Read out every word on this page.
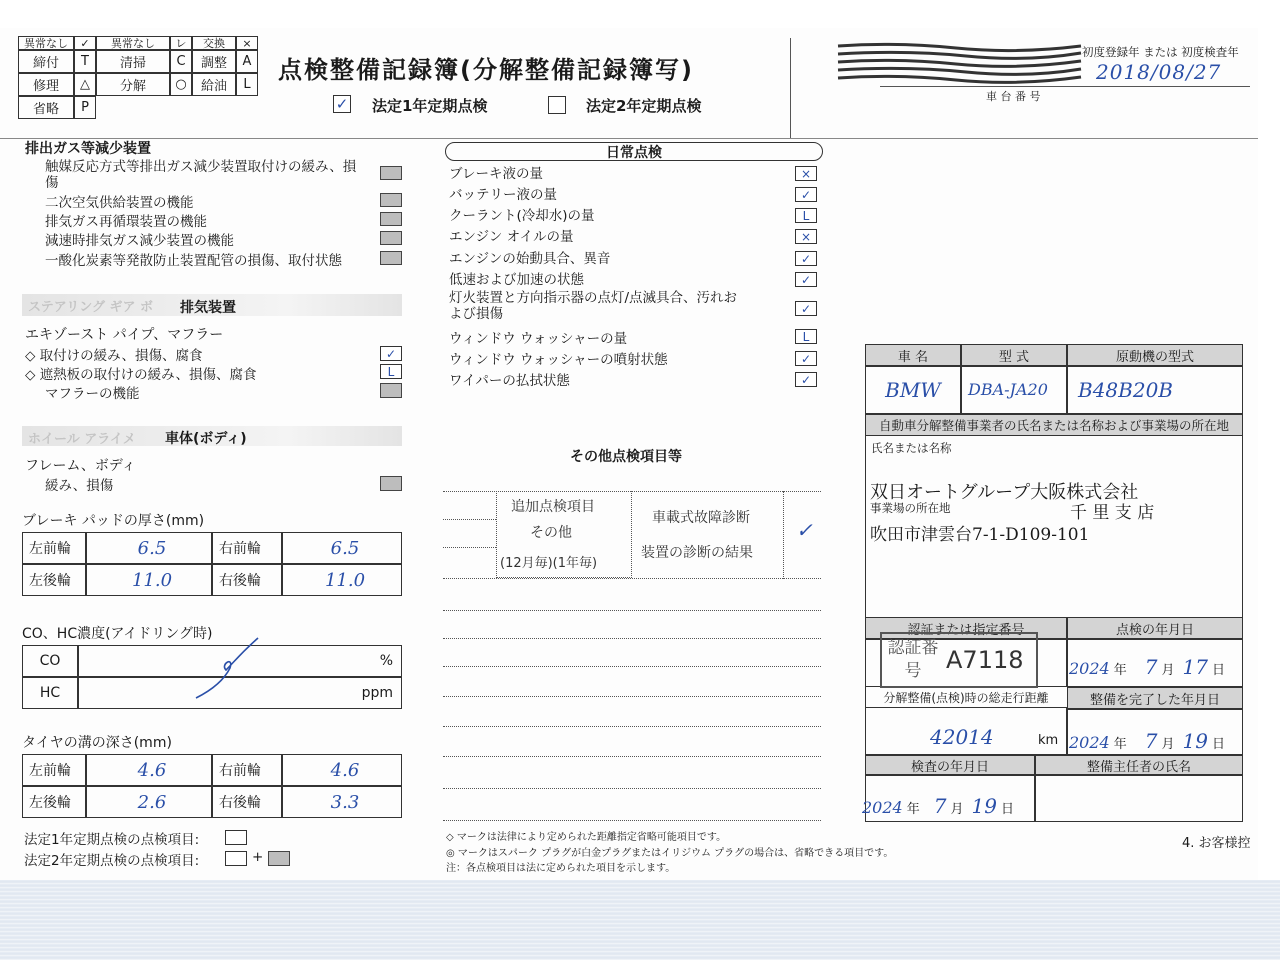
異常なし	✓	異常なし	レ	交換	×
締付	T	清掃	C	調整	A
修理	△	分解	○	給油	L
省略	P
点検整備記録簿(分解整備記録簿写)
✓ 法定1年定期点検	法定2年定期点検
初度登録年 または 初度検査年
2018/08/27
車 台 番 号
排出ガス等減少装置
触媒反応方式等排出ガス減少装置取付けの緩み、損傷
二次空気供給装置の機能
排気ガス再循環装置の機能
減速時排気ガス減少装置の機能
一酸化炭素等発散防止装置配管の損傷、取付状態
ステアリング ギア ボ 排気装置
エキゾースト パイプ、マフラー
◇ 取付けの緩み、損傷、腐食	✓
◇ 遮熱板の取付けの緩み、損傷、腐食	L
マフラーの機能
ホイール アライメ 車体(ボディ)
フレーム、ボディ
緩み、損傷
ブレーキ パッドの厚さ(mm)
左前輪	6.5	右前輪	6.5
左後輪	11.0	右後輪	11.0
CO、HC濃度(アイドリング時)
CO	%
HC	ppm
タイヤの溝の深さ(mm)
左前輪	4.6	右前輪	4.6
左後輪	2.6	右後輪	3.3
法定1年定期点検の点検項目:
法定2年定期点検の点検項目:	+
日常点検
ブレーキ液の量	×
バッテリー液の量	✓
クーラント(冷却水)の量	L
エンジン オイルの量	×
エンジンの始動具合、異音	✓
低速および加速の状態	✓
灯火装置と方向指示器の点灯/点滅具合、汚れおよび損傷	✓
ウィンドウ ウォッシャーの量	L
ウィンドウ ウォッシャーの噴射状態	✓
ワイパーの払拭状態	✓
その他点検項目等
追加点検項目
その他
(12月毎)(1年毎)
車載式故障診断
装置の診断の結果
✓
◇ マークは法律により定められた距離指定省略可能項目です。
◎ マークはスパーク プラグが白金プラグまたはイリジウム プラグの場合は、省略できる項目です。
注：各点検項目は法に定められた項目を示します。
車 名	型 式	原動機の型式
BMW	DBA-JA20	B48B20B
自動車分解整備事業者の氏名または名称および事業場の所在地
氏名または名称
双日オートグループ大阪株式会社
事業場の所在地	千 里 支 店
吹田市津雲台7-1-D109-101
認証または指定番号	点検の年月日
認証番号	A7118	2024 年 7 月 17 日
分解整備(点検)時の総走行距離	整備を完了した年月日
42014	km 2024 年 7 月 19 日
検査の年月日	整備主任者の氏名
2024 年 7 月 19 日
4. お客様控
